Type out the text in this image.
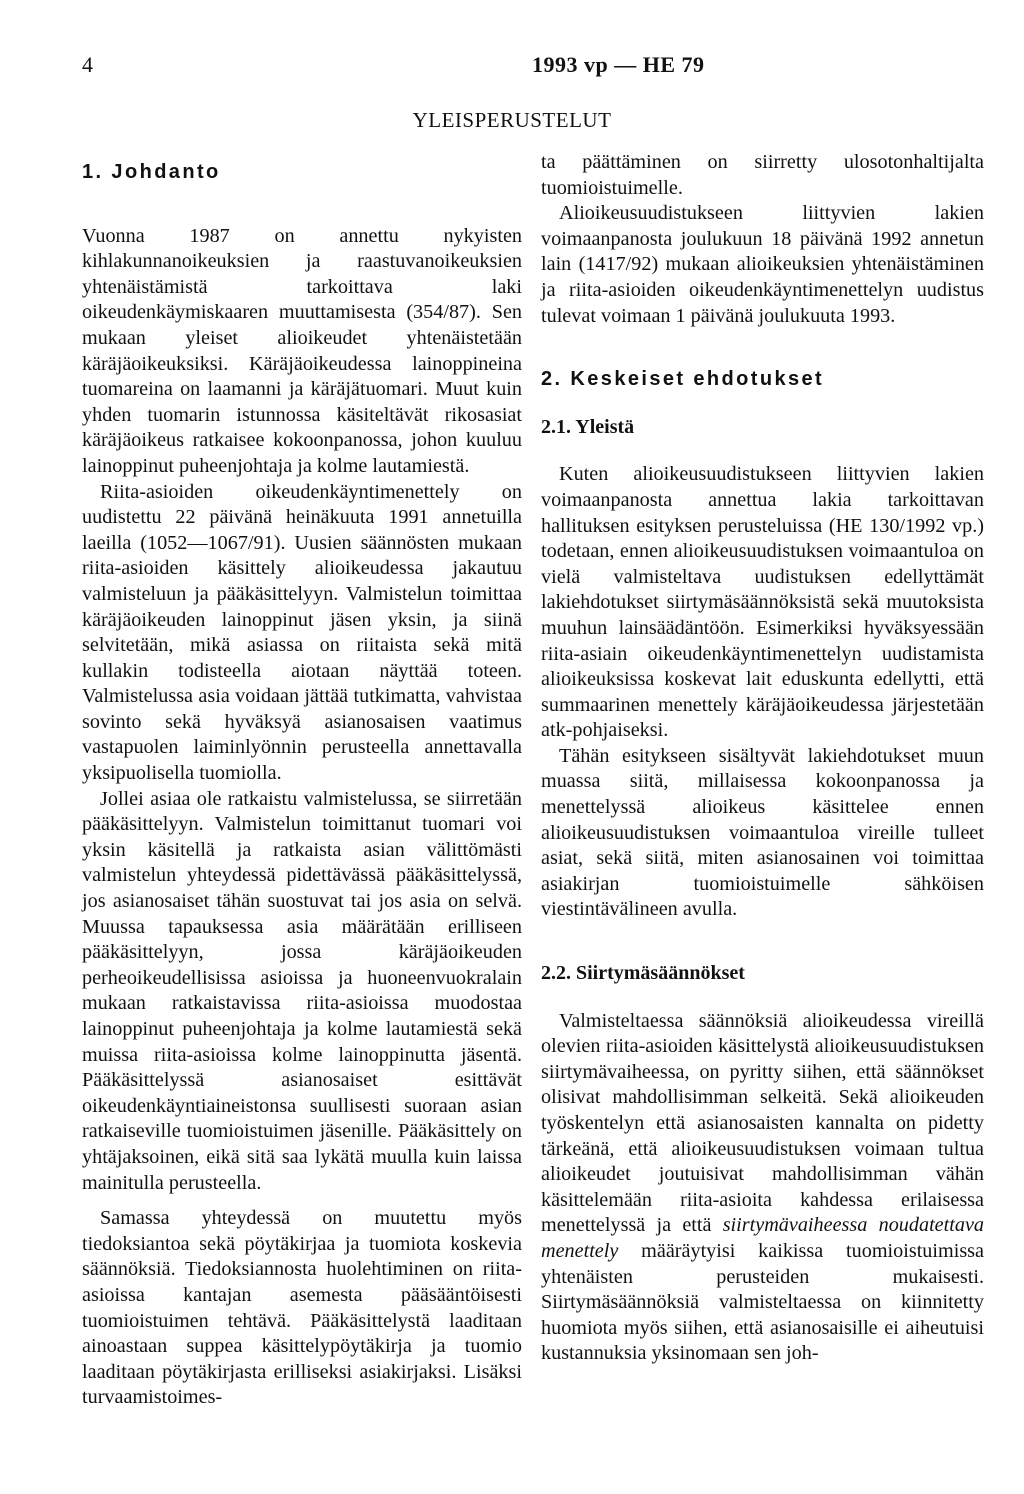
4	1993 vp — HE 79
YLEISPERUSTELUT
1. Johdanto

Vuonna 1987 on annettu nykyisten kihlakunnanoikeuksien ja raastuvanoikeuksien yhtenäistämistä tarkoittava laki oikeudenkäymiskaaren muuttamisesta (354/87). Sen mukaan yleiset alioikeudet yhtenäistetään käräjäoikeuksiksi. Käräjäoikeudessa lainoppineina tuomareina on laamanni ja käräjätuomari. Muut kuin yhden tuomarin istunnossa käsiteltävät rikosasiat käräjäoikeus ratkaisee kokoonpanossa, johon kuuluu lainoppinut puheenjohtaja ja kolme lautamiestä.

Riita-asioiden oikeudenkäyntimenettely on uudistettu 22 päivänä heinäkuuta 1991 annetuilla laeilla (1052—1067/91). Uusien säännösten mukaan riita-asioiden käsittely alioikeudessa jakautuu valmisteluun ja pääkäsittelyyn. Valmistelun toimittaa käräjäoikeuden lainoppinut jäsen yksin, ja siinä selvitetään, mikä asiassa on riitaista sekä mitä kullakin todisteella aiotaan näyttää toteen. Valmistelussa asia voidaan jättää tutkimatta, vahvistaa sovinto sekä hyväksyä asianosaisen vaatimus vastapuolen laiminlyönnin perusteella annettavalla yksipuolisella tuomiolla.

Jollei asiaa ole ratkaistu valmistelussa, se siirretään pääkäsittelyyn. Valmistelun toimittanut tuomari voi yksin käsitellä ja ratkaista asian välittömästi valmistelun yhteydessä pidettävässä pääkäsittelyssä, jos asianosaiset tähän suostuvat tai jos asia on selvä. Muussa tapauksessa asia määrätään erilliseen pääkäsittelyyn, jossa käräjäoikeuden perheoikeudellisissa asioissa ja huoneenvuokralain mukaan ratkaistavissa riita-asioissa muodostaa lainoppinut puheenjohtaja ja kolme lautamiestä sekä muissa riita-asioissa kolme lainoppinutta jäsentä. Pääkäsittelyssä asianosaiset esittävät oikeudenkäyntiaineistonsa suullisesti suoraan asian ratkaiseville tuomioistuimen jäsenille. Pääkäsittely on yhtäjaksoinen, eikä sitä saa lykätä muulla kuin laissa mainitulla perusteella.

Samassa yhteydessä on muutettu myös tiedoksiantoa sekä pöytäkirjaa ja tuomiota koskevia säännöksiä. Tiedoksiannosta huolehtiminen on riita-asioissa kantajan asemesta pääsääntöisesti tuomioistuimen tehtävä. Pääkäsittelystä laaditaan ainoastaan suppea käsittelypöytäkirja ja tuomio laaditaan pöytäkirjasta erilliseksi asiakirjaksi. Lisäksi turvaamistoimes-

ta päättäminen on siirretty ulosotonhaltijalta tuomioistuimelle.

Alioikeusuudistukseen liittyvien lakien voimaanpanosta joulukuun 18 päivänä 1992 annetun lain (1417/92) mukaan alioikeuksien yhtenäistäminen ja riita-asioiden oikeudenkäyntimenettelyn uudistus tulevat voimaan 1 päivänä joulukuuta 1993.

2. Keskeiset ehdotukset
2.1. Yleistä

Kuten alioikeusuudistukseen liittyvien lakien voimaanpanosta annettua lakia tarkoittavan hallituksen esityksen perusteluissa (HE 130/1992 vp.) todetaan, ennen alioikeusuudistuksen voimaantuloa on vielä valmisteltava uudistuksen edellyttämät lakiehdotukset siirtymäsäännöksistä sekä muutoksista muuhun lainsäädäntöön. Esimerkiksi hyväksyessään riita-asiain oikeudenkäyntimenettelyn uudistamista alioikeuksissa koskevat lait eduskunta edellytti, että summaarinen menettely käräjäoikeudessa järjestetään atk-pohjaiseksi.

Tähän esitykseen sisältyvät lakiehdotukset muun muassa siitä, millaisessa kokoonpanossa ja menettelyssä alioikeus käsittelee ennen alioikeusuudistuksen voimaantuloa vireille tulleet asiat, sekä siitä, miten asianosainen voi toimittaa asiakirjan tuomioistuimelle sähköisen viestintävälineen avulla.

2.2. Siirtymäsäännökset

Valmisteltaessa säännöksiä alioikeudessa vireillä olevien riita-asioiden käsittelystä alioikeusuudistuksen siirtymävaiheessa, on pyritty siihen, että säännökset olisivat mahdollisimman selkeitä. Sekä alioikeuden työskentelyn että asianosaisten kannalta on pidetty tärkeänä, että alioikeusuudistuksen voimaan tultua alioikeudet joutuisivat mahdollisimman vähän käsittelemään riita-asioita kahdessa erilaisessa menettelyssä ja että siirtymävaiheessa noudatettava menettely määräytyisi kaikissa tuomioistuimissa yhtenäisten perusteiden mukaisesti. Siirtymäsäännöksiä valmisteltaessa on kiinnitetty huomiota myös siihen, että asianosaisille ei aiheutuisi kustannuksia yksinomaan sen joh-
